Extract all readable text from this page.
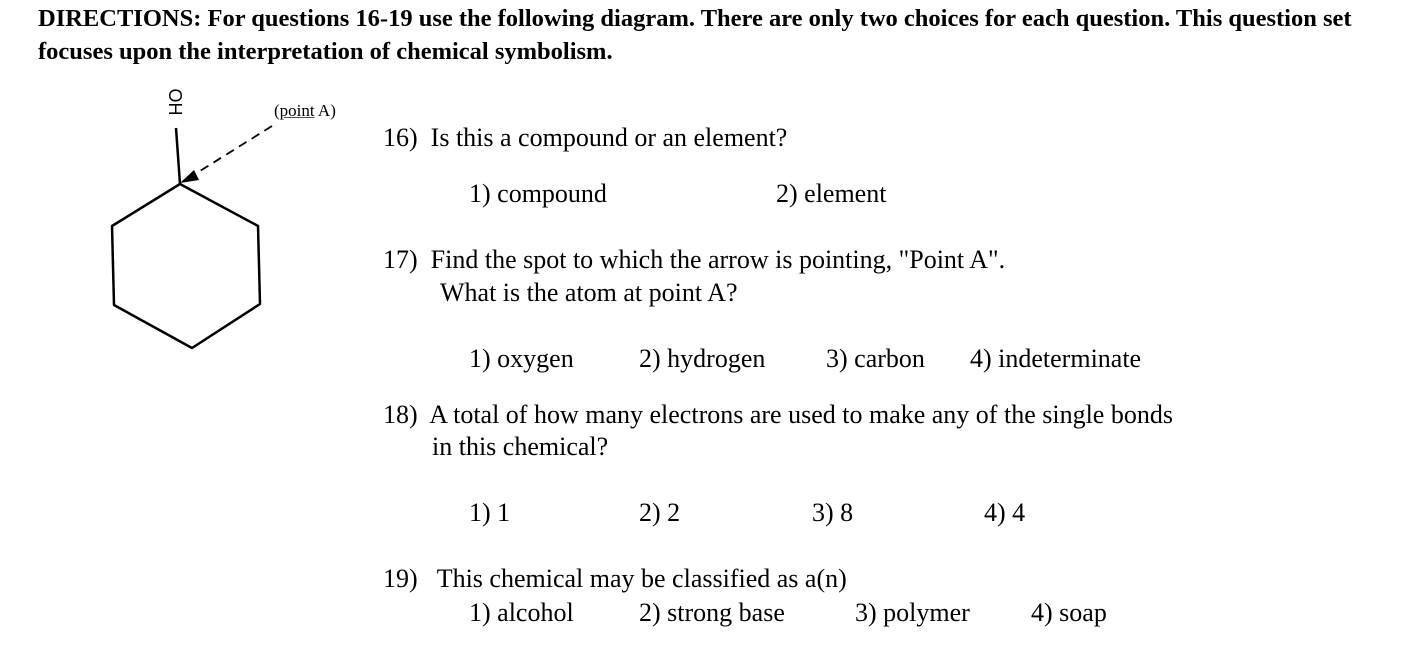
DIRECTIONS: For questions 16-19 use the following diagram. There are only two choices for each question. This question set focuses upon the interpretation of chemical symbolism.

OH	(point A)

16) Is this a compound or an element?

1) compound	2) element

17) Find the spot to which the arrow is pointing, "Point A".

What is the atom at point A?

1) oxygen	2) hydrogen 3) carbon 4) indeterminate

18) A total of how many electrons are used to make any of the single bonds

in this chemical?

1) 1	2) 2	3) 8	4) 4

19) This chemical may be classified as a(n)

1) alcohol	2) strong base	3) polymer 4) soap
